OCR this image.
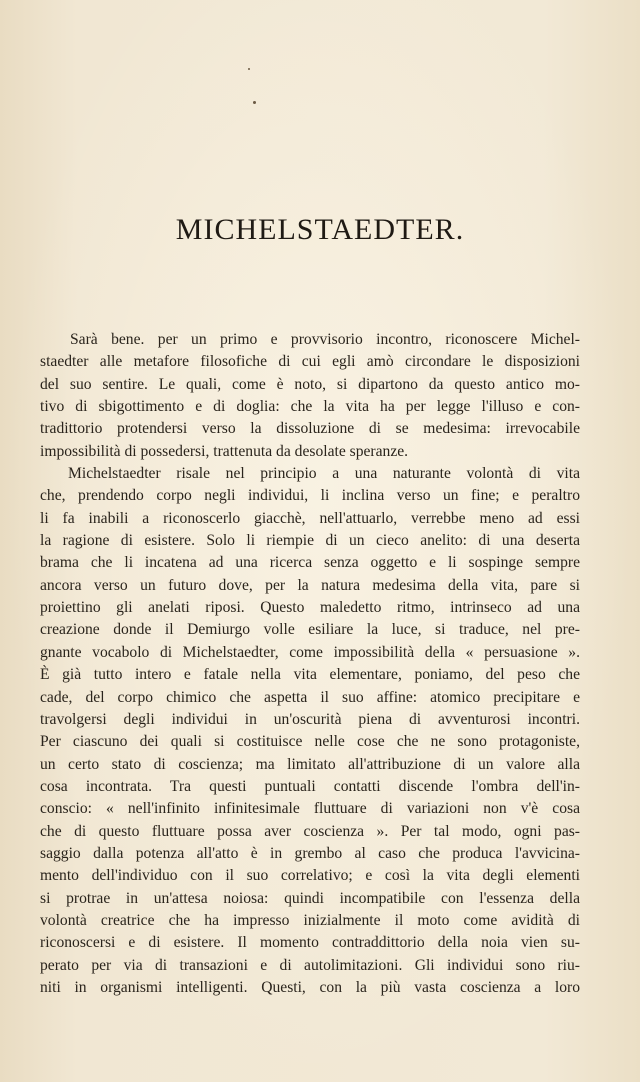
MICHELSTAEDTER.
Sarà bene. per un primo e provvisorio incontro, riconoscere Michel-
staedter alle metafore filosofiche di cui egli amò circondare le disposizioni
del suo sentire. Le quali, come è noto, si dipartono da questo antico mo-
tivo di sbigottimento e di doglia: che la vita ha per legge l'illuso e con-
tradittorio protendersi verso la dissoluzione di se medesima: irrevocabile
impossibilità di possedersi, trattenuta da desolate speranze.
Michelstaedter risale nel principio a una naturante volontà di vita
che, prendendo corpo negli individui, li inclina verso un fine; e peraltro
li fa inabili a riconoscerlo giacchè, nell'attuarlo, verrebbe meno ad essi
la ragione di esistere. Solo li riempie di un cieco anelito: di una deserta
brama che li incatena ad una ricerca senza oggetto e li sospinge sempre
ancora verso un futuro dove, per la natura medesima della vita, pare si
proiettino gli anelati riposi. Questo maledetto ritmo, intrinseco ad una
creazione donde il Demiurgo volle esiliare la luce, si traduce, nel pre-
gnante vocabolo di Michelstaedter, come impossibilità della « persuasione ».
È già tutto intero e fatale nella vita elementare, poniamo, del peso che
cade, del corpo chimico che aspetta il suo affine: atomico precipitare e
travolgersi degli individui in un'oscurità piena di avventurosi incontri.
Per ciascuno dei quali si costituisce nelle cose che ne sono protagoniste,
un certo stato di coscienza; ma limitato all'attribuzione di un valore alla
cosa incontrata. Tra questi puntuali contatti discende l'ombra dell'in-
conscio: « nell'infinito infinitesimale fluttuare di variazioni non v'è cosa
che di questo fluttuare possa aver coscienza ». Per tal modo, ogni pas-
saggio dalla potenza all'atto è in grembo al caso che produca l'avvicina-
mento dell'individuo con il suo correlativo; e così la vita degli elementi
si protrae in un'attesa noiosa: quindi incompatibile con l'essenza della
volontà creatrice che ha impresso inizialmente il moto come avidità di
riconoscersi e di esistere. Il momento contraddittorio della noia vien su-
perato per via di transazioni e di autolimitazioni. Gli individui sono riu-
niti in organismi intelligenti. Questi, con la più vasta coscienza a loro
